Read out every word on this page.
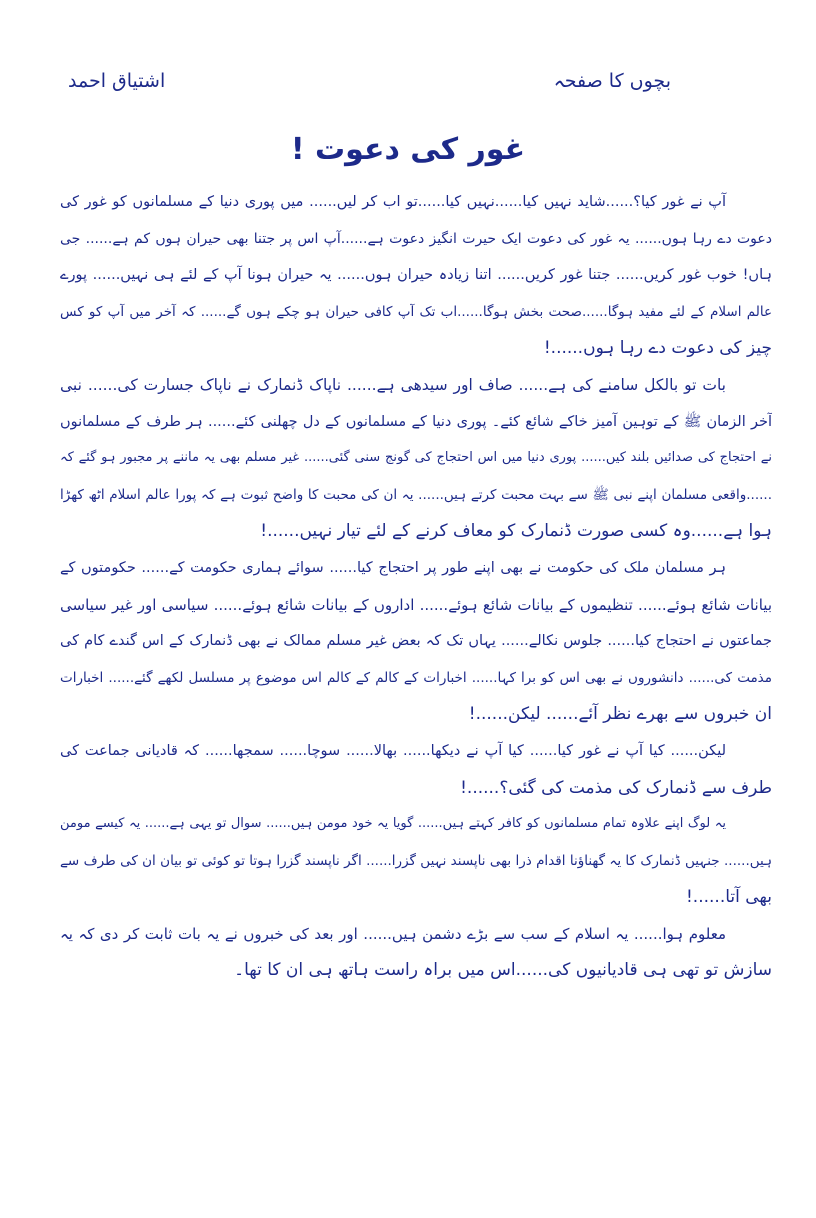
اشتیاق احمد	بچوں کا صفحہ
غور کی دعوت !
آپ نے غور کیا؟......شاید نہیں کیا......نہیں کیا......تو اب کر لیں...... میں پوری دنیا کے مسلمانوں کو غور کی
دعوت دے رہا ہوں...... یہ غور کی دعوت ایک حیرت انگیز دعوت ہے......آپ اس پر جتنا بھی حیران ہوں کم ہے...... جی
ہاں! خوب غور کریں...... جتنا غور کریں...... اتنا زیادہ حیران ہوں...... یہ حیران ہونا آپ کے لئے ہی نہیں...... پورے
عالم اسلام کے لئے مفید ہوگا......صحت بخش ہوگا......اب تک آپ کافی حیران ہو چکے ہوں گے...... کہ آخر میں آپ کو کس
چیز کی دعوت دے رہا ہوں......!
بات تو بالکل سامنے کی ہے...... صاف اور سیدھی ہے...... ناپاک ڈنمارک نے ناپاک جسارت کی...... نبی
آخر الزمان ﷺ کے توہین آمیز خاکے شائع کئے۔ پوری دنیا کے مسلمانوں کے دل چھلنی کئے...... ہر طرف کے مسلمانوں
نے احتجاج کی صدائیں بلند کیں...... پوری دنیا میں اس احتجاج کی گونج سنی گئی...... غیر مسلم بھی یہ ماننے پر مجبور ہو گئے کہ
......واقعی مسلمان اپنے نبی ﷺ سے بہت محبت کرتے ہیں...... یہ ان کی محبت کا واضح ثبوت ہے کہ پورا عالم اسلام اٹھ کھڑا
ہوا ہے......وہ کسی صورت ڈنمارک کو معاف کرنے کے لئے تیار نہیں......!
ہر مسلمان ملک کی حکومت نے بھی اپنے طور پر احتجاج کیا...... سوائے ہماری حکومت کے...... حکومتوں کے
بیانات شائع ہوئے...... تنظیموں کے بیانات شائع ہوئے...... اداروں کے بیانات شائع ہوئے...... سیاسی اور غیر سیاسی
جماعتوں نے احتجاج کیا...... جلوس نکالے...... یہاں تک کہ بعض غیر مسلم ممالک نے بھی ڈنمارک کے اس گندے کام کی
مذمت کی...... دانشوروں نے بھی اس کو برا کہا...... اخبارات کے کالم کے کالم اس موضوع پر مسلسل لکھے گئے...... اخبارات
ان خبروں سے بھرے نظر آئے...... لیکن......!
لیکن...... کیا آپ نے غور کیا...... کیا آپ نے دیکھا...... بھالا...... سوچا...... سمجھا...... کہ قادیانی جماعت کی
طرف سے ڈنمارک کی مذمت کی گئی؟......!
یہ لوگ اپنے علاوہ تمام مسلمانوں کو کافر کہتے ہیں...... گویا یہ خود مومن ہیں...... سوال تو یہی ہے...... یہ کیسے مومن
ہیں...... جنہیں ڈنمارک کا یہ گھناؤنا اقدام ذرا بھی ناپسند نہیں گزرا...... اگر ناپسند گزرا ہوتا تو کوئی تو بیان ان کی طرف سے
بھی آتا......!
معلوم ہوا...... یہ اسلام کے سب سے بڑے دشمن ہیں...... اور بعد کی خبروں نے یہ بات ثابت کر دی کہ یہ
سازش تو تھی ہی قادیانیوں کی......اس میں براہ راست ہاتھ ہی ان کا تھا۔
